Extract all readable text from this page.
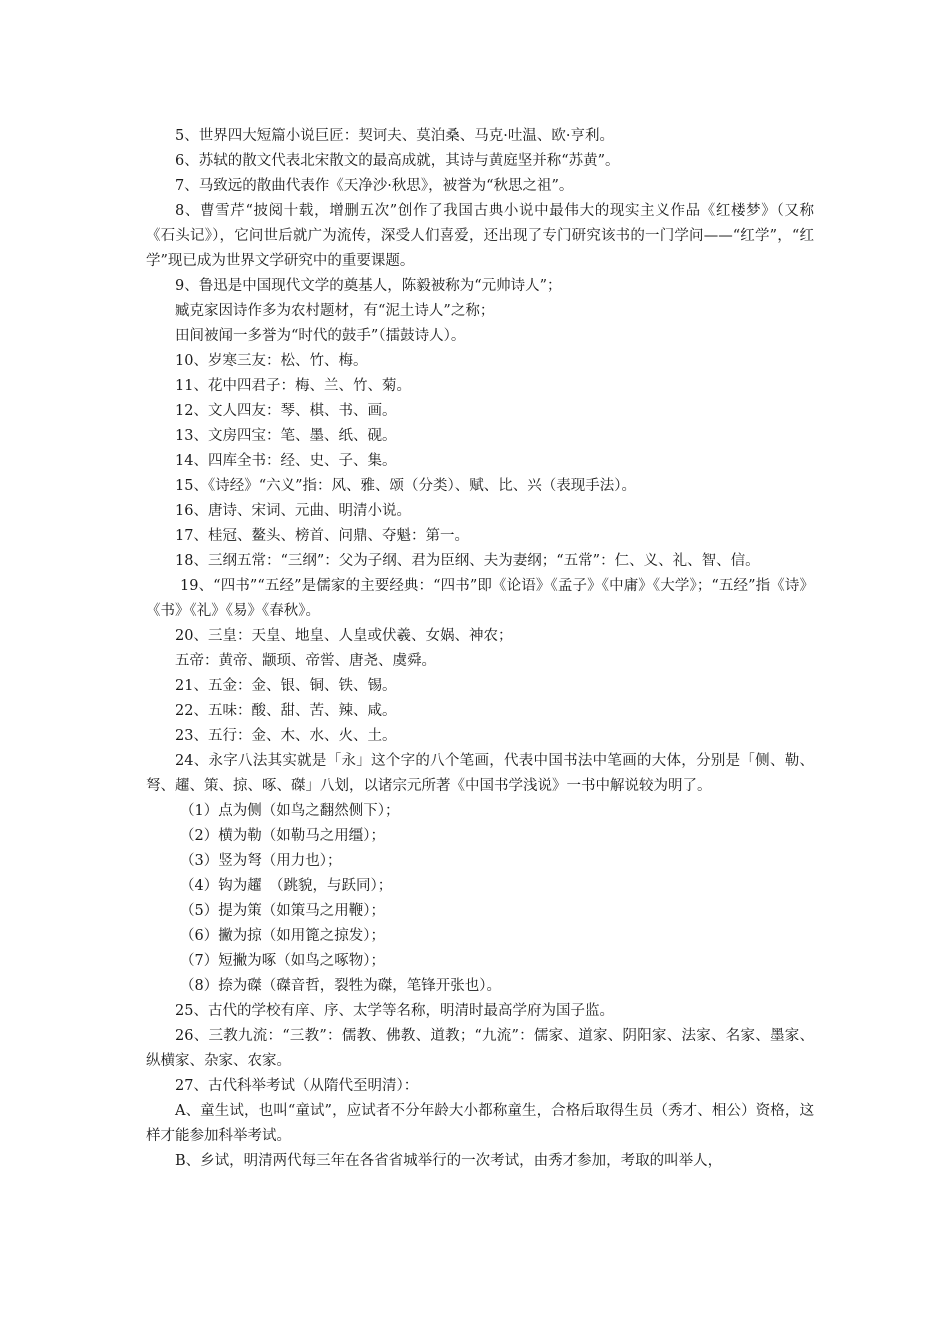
5、世界四大短篇小说巨匠：契诃夫、莫泊桑、马克·吐温、欧·亨利。

6、苏轼的散文代表北宋散文的最高成就，其诗与黄庭坚并称“苏黄”。

7、马致远的散曲代表作《天净沙·秋思》，被誉为“秋思之祖”。

8、曹雪芹“披阅十载，增删五次”创作了我国古典小说中最伟大的现实主义作品《红楼梦》（又称《石头记》），它问世后就广为流传，深受人们喜爱，还出现了专门研究该书的一门学问——“红学”，“红学”现已成为世界文学研究中的重要课题。

9、鲁迅是中国现代文学的奠基人，陈毅被称为“元帅诗人”；

臧克家因诗作多为农村题材，有“泥土诗人”之称；

田间被闻一多誉为“时代的鼓手”（擂鼓诗人）。

10、岁寒三友：松、竹、梅。

11、花中四君子：梅、兰、竹、菊。

12、文人四友：琴、棋、书、画。

13、文房四宝：笔、墨、纸、砚。

14、四库全书：经、史、子、集。

15、《诗经》“六义”指：风、雅、颂（分类）、赋、比、兴（表现手法）。

16、唐诗、宋词、元曲、明清小说。

17、桂冠、鳌头、榜首、问鼎、夺魁：第一。

18、三纲五常：“三纲”：父为子纲、君为臣纲、夫为妻纲；“五常”：仁、义、礼、智、信。

19、“四书”“五经”是儒家的主要经典：“四书”即《论语》《孟子》《中庸》《大学》；“五经”指《诗》《书》《礼》《易》《春秋》。

20、三皇：天皇、地皇、人皇或伏羲、女娲、神农；

五帝：黄帝、颛顼、帝喾、唐尧、虞舜。

21、五金：金、银、铜、铁、锡。

22、五味：酸、甜、苦、辣、咸。

23、五行：金、木、水、火、土。

24、永字八法其实就是「永」这个字的八个笔画，代表中国书法中笔画的大体，分别是「侧、勒、弩、趯、策、掠、啄、磔」八划，以诸宗元所著《中国书学浅说》一书中解说较为明了。

（1）点为侧（如鸟之翻然侧下）；

（2）横为勒（如勒马之用缰）；

（3）竖为弩（用力也）；

（4）钩为趯　（跳貌，与跃同）；

（5）提为策（如策马之用鞭）；

（6）撇为掠（如用篦之掠发）；

（7）短撇为啄（如鸟之啄物）；

（8）捺为磔（磔音哲，裂牲为磔，笔锋开张也）。

25、古代的学校有庠、序、太学等名称，明清时最高学府为国子监。

26、三教九流：“三教”：儒教、佛教、道教；“九流”：儒家、道家、阴阳家、法家、名家、墨家、纵横家、杂家、农家。

27、古代科举考试（从隋代至明清）：

A、童生试，也叫“童试”，应试者不分年龄大小都称童生，合格后取得生员（秀才、相公）资格，这样才能参加科举考试。

B、乡试，明清两代每三年在各省省城举行的一次考试，由秀才参加，考取的叫举人，
